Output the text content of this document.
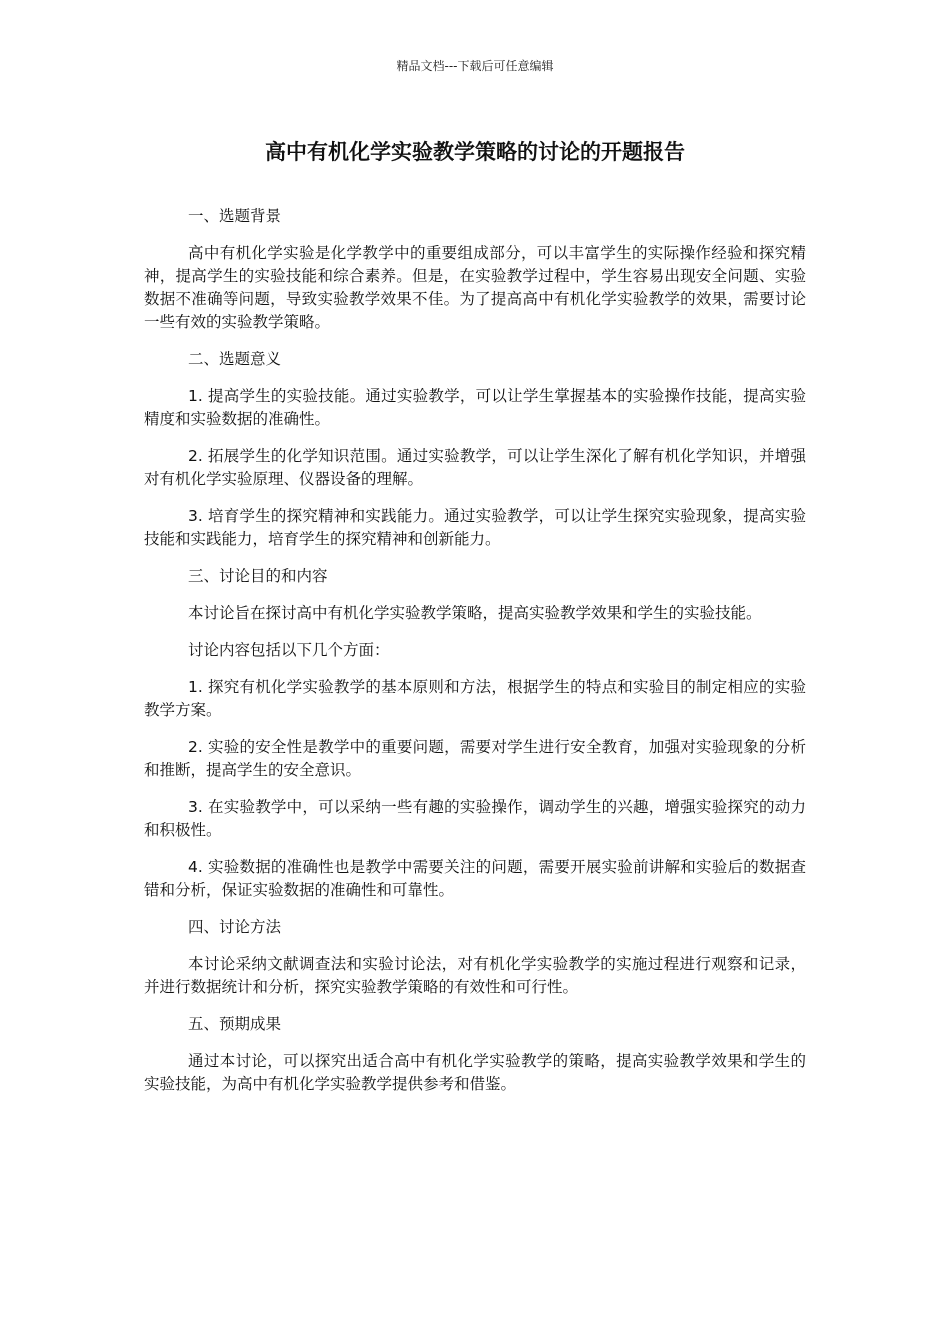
精品文档---下载后可任意编辑
高中有机化学实验教学策略的讨论的开题报告

一、选题背景

高中有机化学实验是化学教学中的重要组成部分，可以丰富学生的实际操作经验和探究精神，提高学生的实验技能和综合素养。但是，在实验教学过程中，学生容易出现安全问题、实验数据不准确等问题，导致实验教学效果不佳。为了提高高中有机化学实验教学的效果，需要讨论一些有效的实验教学策略。

二、选题意义

1. 提高学生的实验技能。通过实验教学，可以让学生掌握基本的实验操作技能，提高实验精度和实验数据的准确性。

2. 拓展学生的化学知识范围。通过实验教学，可以让学生深化了解有机化学知识，并增强对有机化学实验原理、仪器设备的理解。

3. 培育学生的探究精神和实践能力。通过实验教学，可以让学生探究实验现象，提高实验技能和实践能力，培育学生的探究精神和创新能力。

三、讨论目的和内容

本讨论旨在探讨高中有机化学实验教学策略，提高实验教学效果和学生的实验技能。

讨论内容包括以下几个方面：

1. 探究有机化学实验教学的基本原则和方法，根据学生的特点和实验目的制定相应的实验教学方案。

2. 实验的安全性是教学中的重要问题，需要对学生进行安全教育，加强对实验现象的分析和推断，提高学生的安全意识。

3. 在实验教学中，可以采纳一些有趣的实验操作，调动学生的兴趣，增强实验探究的动力和积极性。

4. 实验数据的准确性也是教学中需要关注的问题，需要开展实验前讲解和实验后的数据查错和分析，保证实验数据的准确性和可靠性。

四、讨论方法

本讨论采纳文献调查法和实验讨论法，对有机化学实验教学的实施过程进行观察和记录，并进行数据统计和分析，探究实验教学策略的有效性和可行性。

五、预期成果

通过本讨论，可以探究出适合高中有机化学实验教学的策略，提高实验教学效果和学生的实验技能，为高中有机化学实验教学提供参考和借鉴。
